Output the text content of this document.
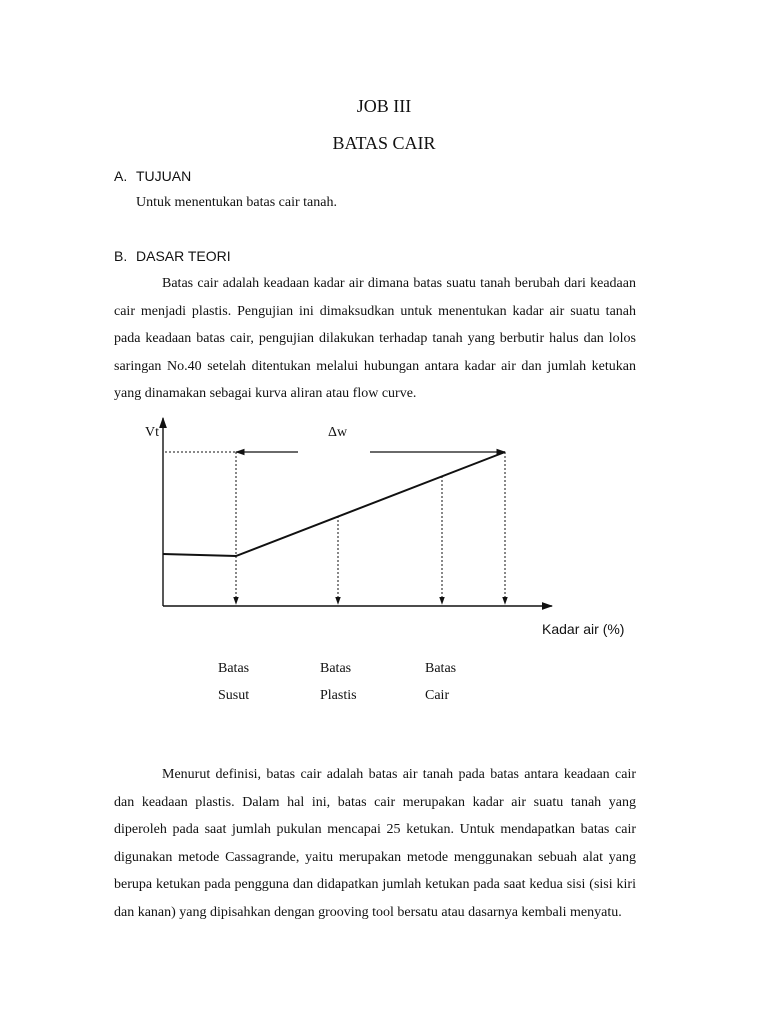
JOB III
BATAS CAIR
A. TUJUAN
Untuk menentukan batas cair tanah.
B. DASAR TEORI
Batas cair adalah keadaan kadar air dimana batas suatu tanah berubah dari keadaan cair menjadi plastis. Pengujian ini dimaksudkan untuk menentukan kadar air suatu tanah pada keadaan batas cair, pengujian dilakukan terhadap tanah yang berbutir halus dan lolos saringan No.40 setelah ditentukan melalui hubungan antara kadar air dan jumlah ketukan yang dinamakan sebagai kurva aliran atau flow curve.
Vt	Δw
Kadar air (%)
Batas
Susut
Batas
Plastis
Batas
Cair
Menurut definisi, batas cair adalah batas air tanah pada batas antara keadaan cair dan keadaan plastis. Dalam hal ini, batas cair merupakan kadar air suatu tanah yang diperoleh pada saat jumlah pukulan mencapai 25 ketukan. Untuk mendapatkan batas cair digunakan metode Cassagrande, yaitu merupakan metode menggunakan sebuah alat yang berupa ketukan pada pengguna dan didapatkan jumlah ketukan pada saat kedua sisi (sisi kiri dan kanan) yang dipisahkan dengan grooving tool bersatu atau dasarnya kembali menyatu.
